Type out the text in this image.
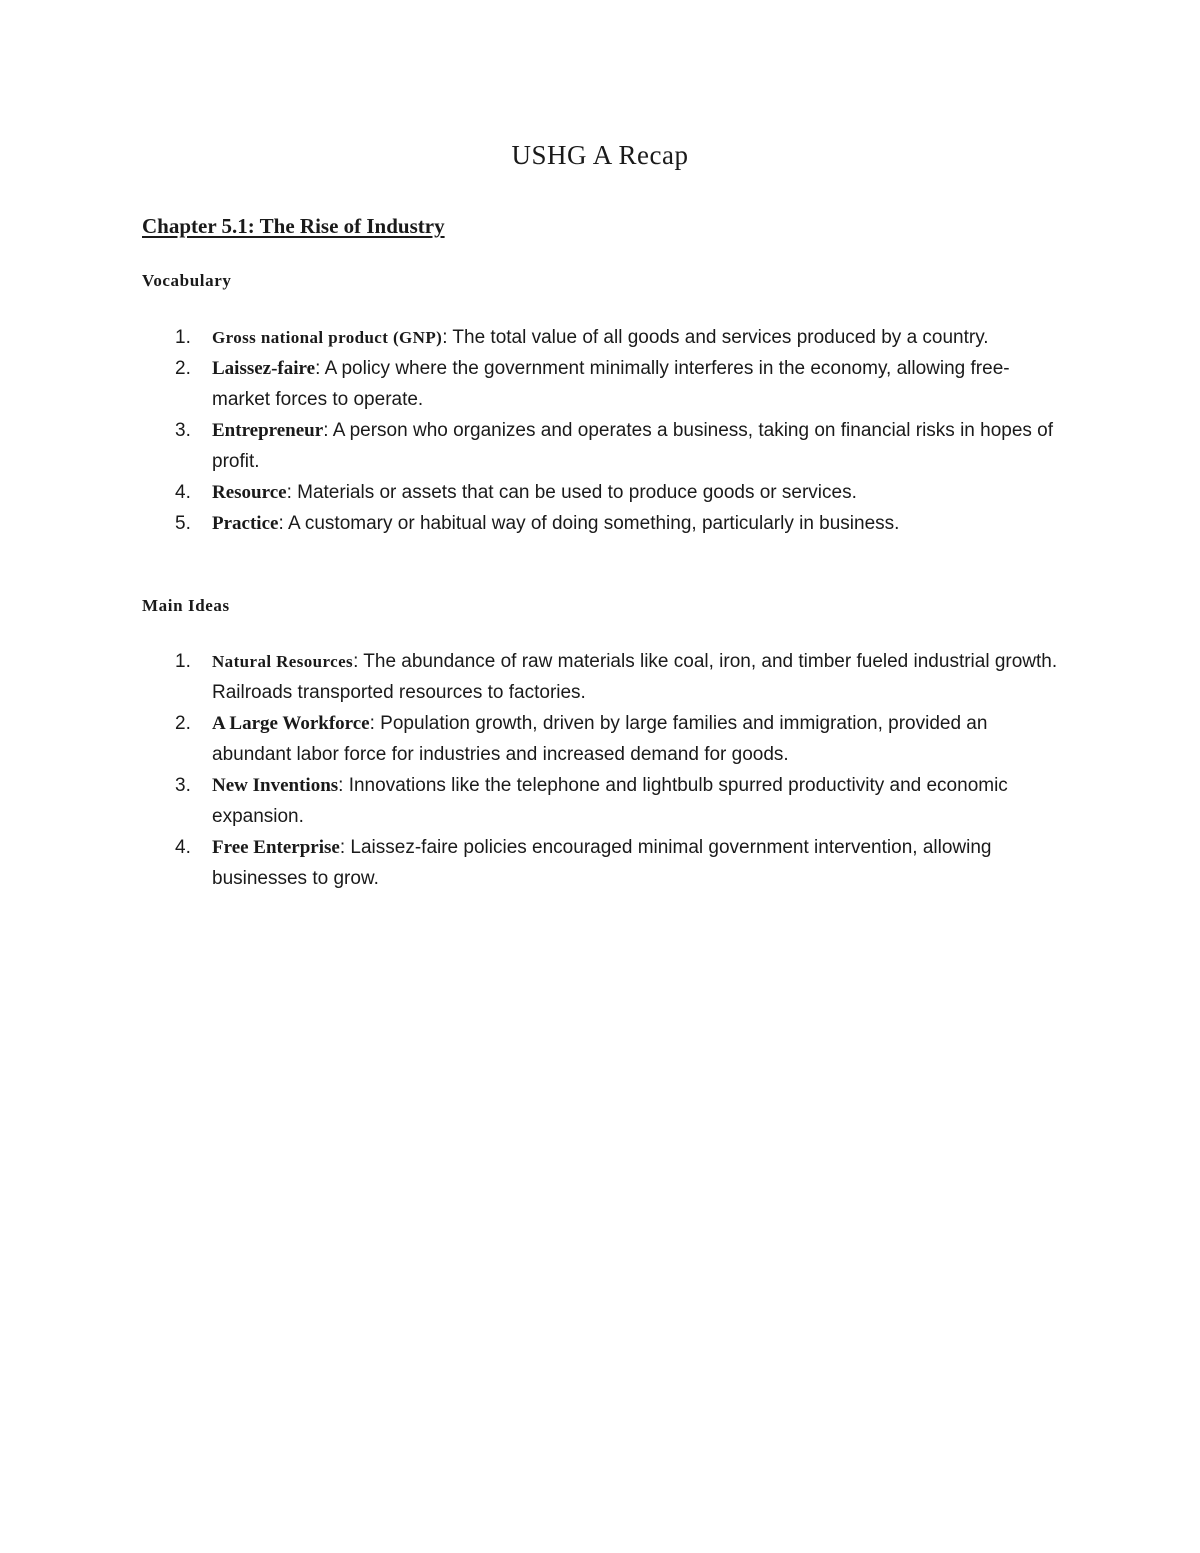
USHG A Recap
Chapter 5.1: The Rise of Industry
Vocabulary
1. Gross national product (GNP): The total value of all goods and services produced by a country.
2. Laissez-faire: A policy where the government minimally interferes in the economy, allowing free-market forces to operate.
3. Entrepreneur: A person who organizes and operates a business, taking on financial risks in hopes of profit.
4. Resource: Materials or assets that can be used to produce goods or services.
5. Practice: A customary or habitual way of doing something, particularly in business.
Main Ideas
1. Natural Resources: The abundance of raw materials like coal, iron, and timber fueled industrial growth. Railroads transported resources to factories.
2. A Large Workforce: Population growth, driven by large families and immigration, provided an abundant labor force for industries and increased demand for goods.
3. New Inventions: Innovations like the telephone and lightbulb spurred productivity and economic expansion.
4. Free Enterprise: Laissez-faire policies encouraged minimal government intervention, allowing businesses to grow.
